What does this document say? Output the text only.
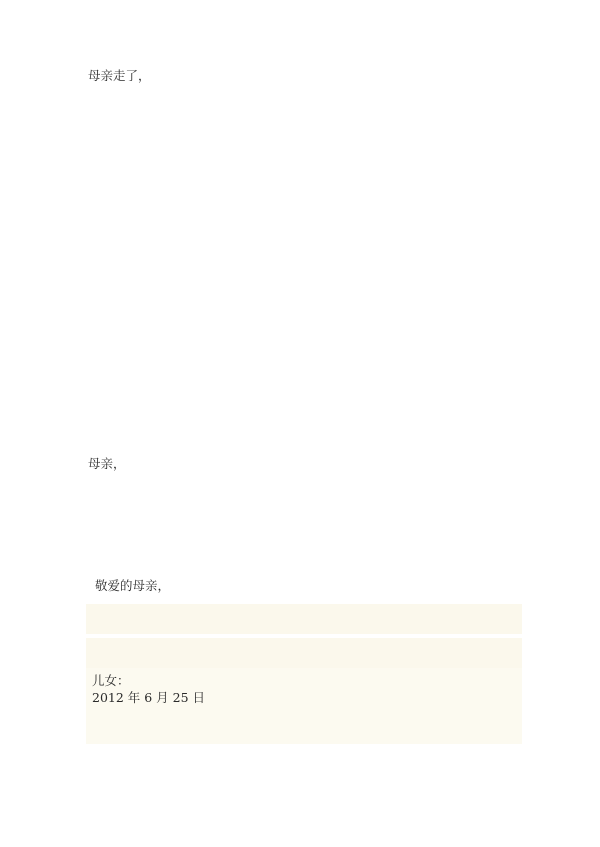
母亲走了，

母亲，

敬爱的母亲，

儿女：
2012 年 6 月 25 日
